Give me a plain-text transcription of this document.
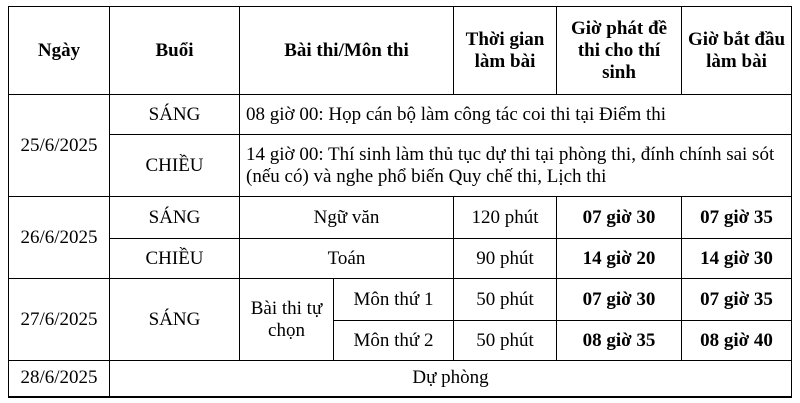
Ngày	Buổi	Bài thi/Môn thi		Thời gian làm bài	Giờ phát đề thi cho thí sinh	Giờ bắt đầu làm bài
25/6/2025	SÁNG	08 giờ 00: Họp cán bộ làm công tác coi thi tại Điểm thi				
	CHIỀU	14 giờ 00: Thí sinh làm thủ tục dự thi tại phòng thi, đính chính sai sót (nếu có) và nghe phổ biến Quy chế thi, Lịch thi				
26/6/2025	SÁNG	Ngữ văn		120 phút	07 giờ 30	07 giờ 35
	CHIỀU	Toán		90 phút	14 giờ 20	14 giờ 30
27/6/2025	SÁNG	Bài thi tự chọn	Môn thứ 1	50 phút	07 giờ 30	07 giờ 35
			Môn thứ 2	50 phút	08 giờ 35	08 giờ 40
28/6/2025	Dự phòng					
